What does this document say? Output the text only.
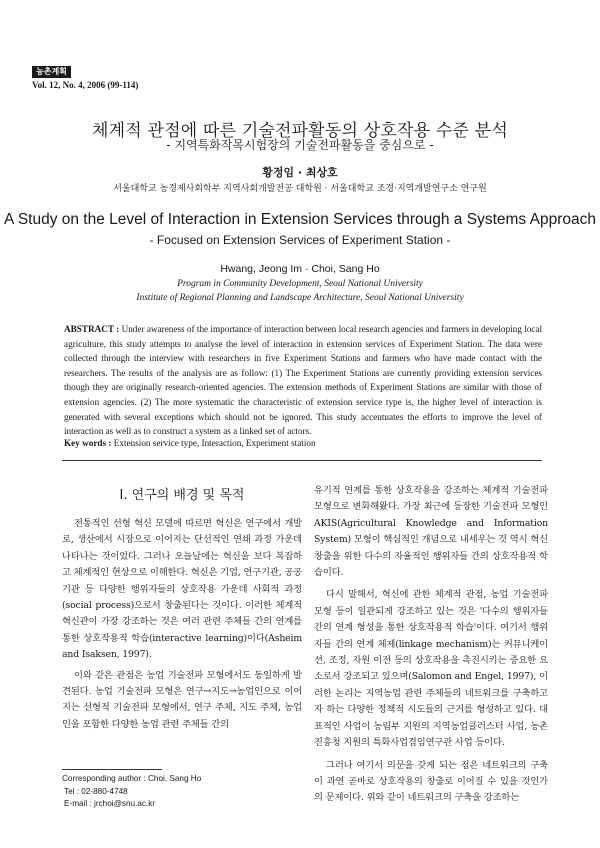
농촌계획
Vol. 12, No. 4, 2006 (99-114)
체계적 관점에 따른 기술전파활동의 상호작용 수준 분석
- 지역특화작목시험장의 기술전파활동을 중심으로 -
황정임 · 최상호
서울대학교 농경제사회학부 지역사회개발전공 대학원 · 서울대학교 조경·지역개발연구소 연구원
A Study on the Level of Interaction in Extension Services through a Systems Approach
- Focused on Extension Services of Experiment Station -
Hwang, Jeong Im · Choi, Sang Ho
Program in Community Development, Seoul National University
Institute of Regional Planning and Landscape Architecture, Seoul National University
ABSTRACT : Under awareness of the importance of interaction between local research agencies and farmers in developing local agriculture, this study attempts to analyse the level of interaction in extension services of Experiment Station. The data were collected through the interview with researchers in five Experiment Stations and farmers who have made contact with the researchers. The results of the analysis are as follow: (1) The Experiment Stations are currently providing extension services though they are originally research-oriented agencies. The extension methods of Experiment Stations are similar with those of extension agencies. (2) The more systematic the characteristic of extension service type is, the higher level of interaction is generated with several exceptions which should not be ignored. This study accentuates the efforts to improve the level of interaction as well as to construct a system as a linked set of actors.
Key words : Extension service type, Interaction, Experiment station
Ⅰ. 연구의 배경 및 목적

전통적인 선형 혁신 모델에 따르면 혁신은 연구에서 개발로, 생산에서 시장으로 이어지는 단선적인 연쇄 과정 가운데 나타나는 것이었다. 그러나 오늘날에는 혁신을 보다 복잡하고 체계적인 현상으로 이해한다. 혁신은 기업, 연구기관, 공공기관 등 다양한 행위자들의 상호작용 가운데 사회적 과정(social process)으로서 창출된다는 것이다. 이러한 체계적 혁신관이 가장 강조하는 것은 여러 관련 주체들 간의 연계를 통한 상호작용적 학습(interactive learning)이다(Asheim and Isaksen, 1997).

이와 같은 관점은 농업 기술전파 모형에서도 동일하게 발견된다. 농업 기술전파 모형은 연구→지도→농업인으로 이어지는 선형적 기술전파 모형에서, 연구 주체, 지도 주체, 농업인을 포함한 다양한 농업 관련 주체들 간의

유기적 연계를 통한 상호작용을 강조하는 체계적 기술전파 모형으로 변화해왔다. 가장 최근에 등장한 기술전파 모형인 AKIS(Agricultural Knowledge and Information System) 모형이 핵심적인 개념으로 내세우는 것 역시 혁신 창출을 위한 다수의 자율적인 행위자들 간의 상호작용적 학습이다.

다시 말해서, 혁신에 관한 체계적 관점, 농업 기술전파 모형 등이 일관되게 강조하고 있는 것은 '다수의 행위자들 간의 연계 형성을 통한 상호작용적 학습'이다. 여기서 행위자들 간의 연계 체제(linkage mechanism)는 커뮤니케이션, 조정, 자원 이전 등의 상호작용을 촉진시키는 중요한 요소로서 강조되고 있으며(Salomon and Engel, 1997), 이러한 논리는 지역농업 관련 주체들의 네트워크를 구축하고자 하는 다양한 정책적 시도들의 근거를 형성하고 있다. 대표적인 사업이 농림부 지원의 지역농업클러스터 사업, 농촌진흥청 지원의 특화사업겸임연구관 사업 등이다.

그러나 여기서 의문을 갖게 되는 점은 네트워크의 구축이 과연 곧바로 상호작용의 창출로 이어질 수 있을 것인가의 문제이다. 위와 같이 네트워크의 구축을 강조하는

Corresponding author : Choi, Sang Ho
Tel : 02-880-4748
E-mail : jrchoi@snu.ac.kr
